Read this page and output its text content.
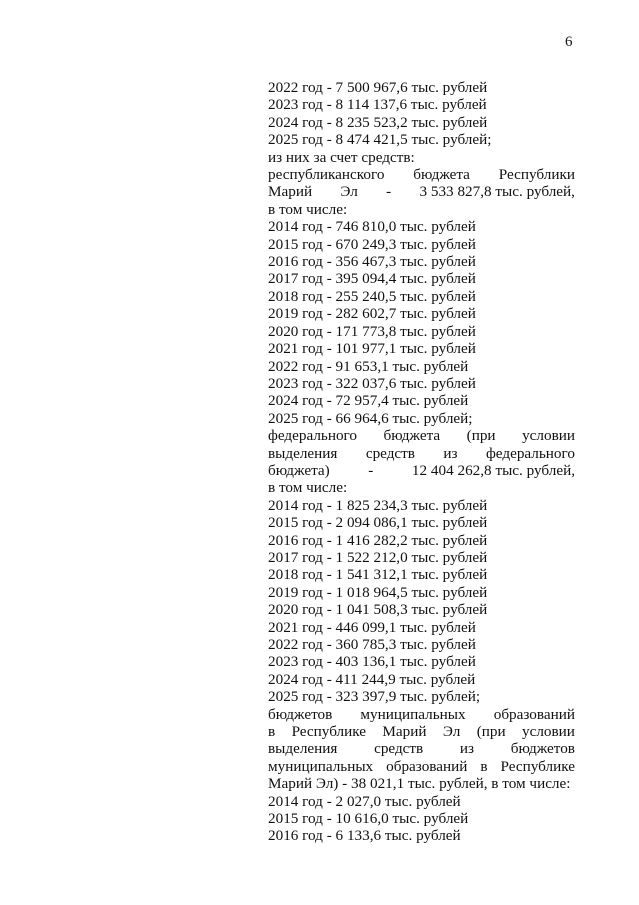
6
2022 год - 7 500 967,6 тыс. рублей
2023 год - 8 114 137,6 тыс. рублей
2024 год - 8 235 523,2 тыс. рублей
2025 год - 8 474 421,5 тыс. рублей;
из них за счет средств:
республиканского бюджета Республики
Марий Эл - 3 533 827,8 тыс. рублей,
в том числе:
2014 год - 746 810,0 тыс. рублей
2015 год - 670 249,3 тыс. рублей
2016 год - 356 467,3 тыс. рублей
2017 год - 395 094,4 тыс. рублей
2018 год - 255 240,5 тыс. рублей
2019 год - 282 602,7 тыс. рублей
2020 год - 171 773,8 тыс. рублей
2021 год - 101 977,1 тыс. рублей
2022 год - 91 653,1 тыс. рублей
2023 год - 322 037,6 тыс. рублей
2024 год - 72 957,4 тыс. рублей
2025 год - 66 964,6 тыс. рублей;
федерального бюджета (при условии
выделения средств из федерального
бюджета)	-	12 404 262,8 тыс. рублей,
в том числе:
2014 год - 1 825 234,3 тыс. рублей
2015 год - 2 094 086,1 тыс. рублей
2016 год - 1 416 282,2 тыс. рублей
2017 год - 1 522 212,0 тыс. рублей
2018 год - 1 541 312,1 тыс. рублей
2019 год - 1 018 964,5 тыс. рублей
2020 год - 1 041 508,3 тыс. рублей
2021 год - 446 099,1 тыс. рублей
2022 год - 360 785,3 тыс. рублей
2023 год - 403 136,1 тыс. рублей
2024 год - 411 244,9 тыс. рублей
2025 год - 323 397,9 тыс. рублей;
бюджетов муниципальных образований
в Республике Марий Эл (при условии
выделения средств из бюджетов
муниципальных образований в Республике
Марий Эл) - 38 021,1 тыс. рублей, в том числе:
2014 год - 2 027,0 тыс. рублей
2015 год - 10 616,0 тыс. рублей
2016 год - 6 133,6 тыс. рублей
